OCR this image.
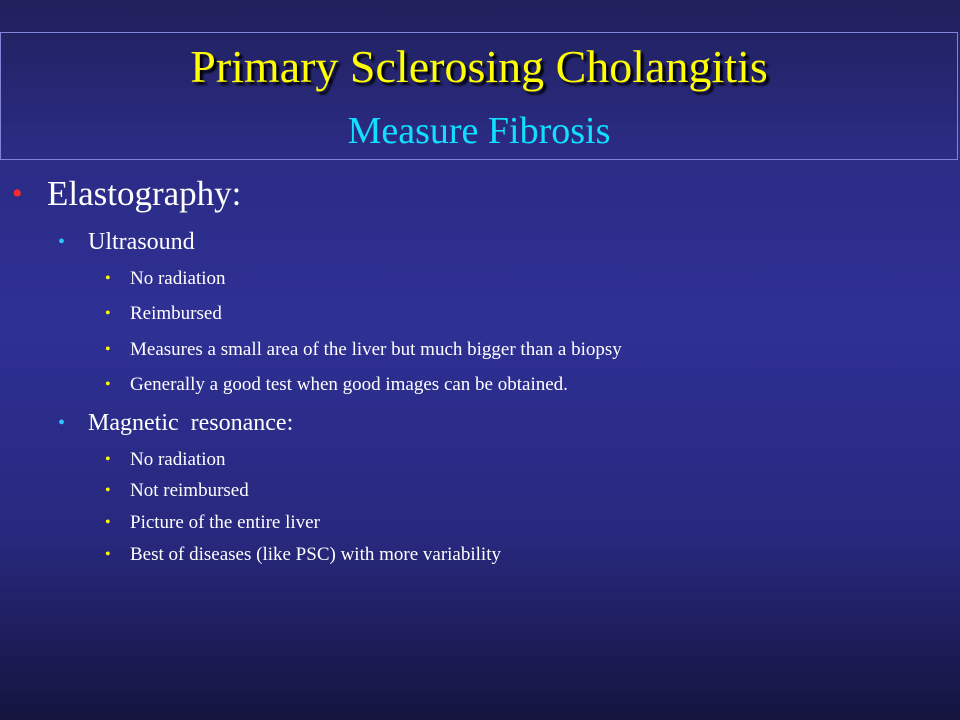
Primary Sclerosing Cholangitis
Measure Fibrosis
• Elastography:
• Ultrasound
• No radiation
• Reimbursed
• Measures a small area of the liver but much bigger than a biopsy
• Generally a good test when good images can be obtained.
• Magnetic  resonance:
• No radiation
• Not reimbursed
• Picture of the entire liver
• Best of diseases (like PSC) with more variability
